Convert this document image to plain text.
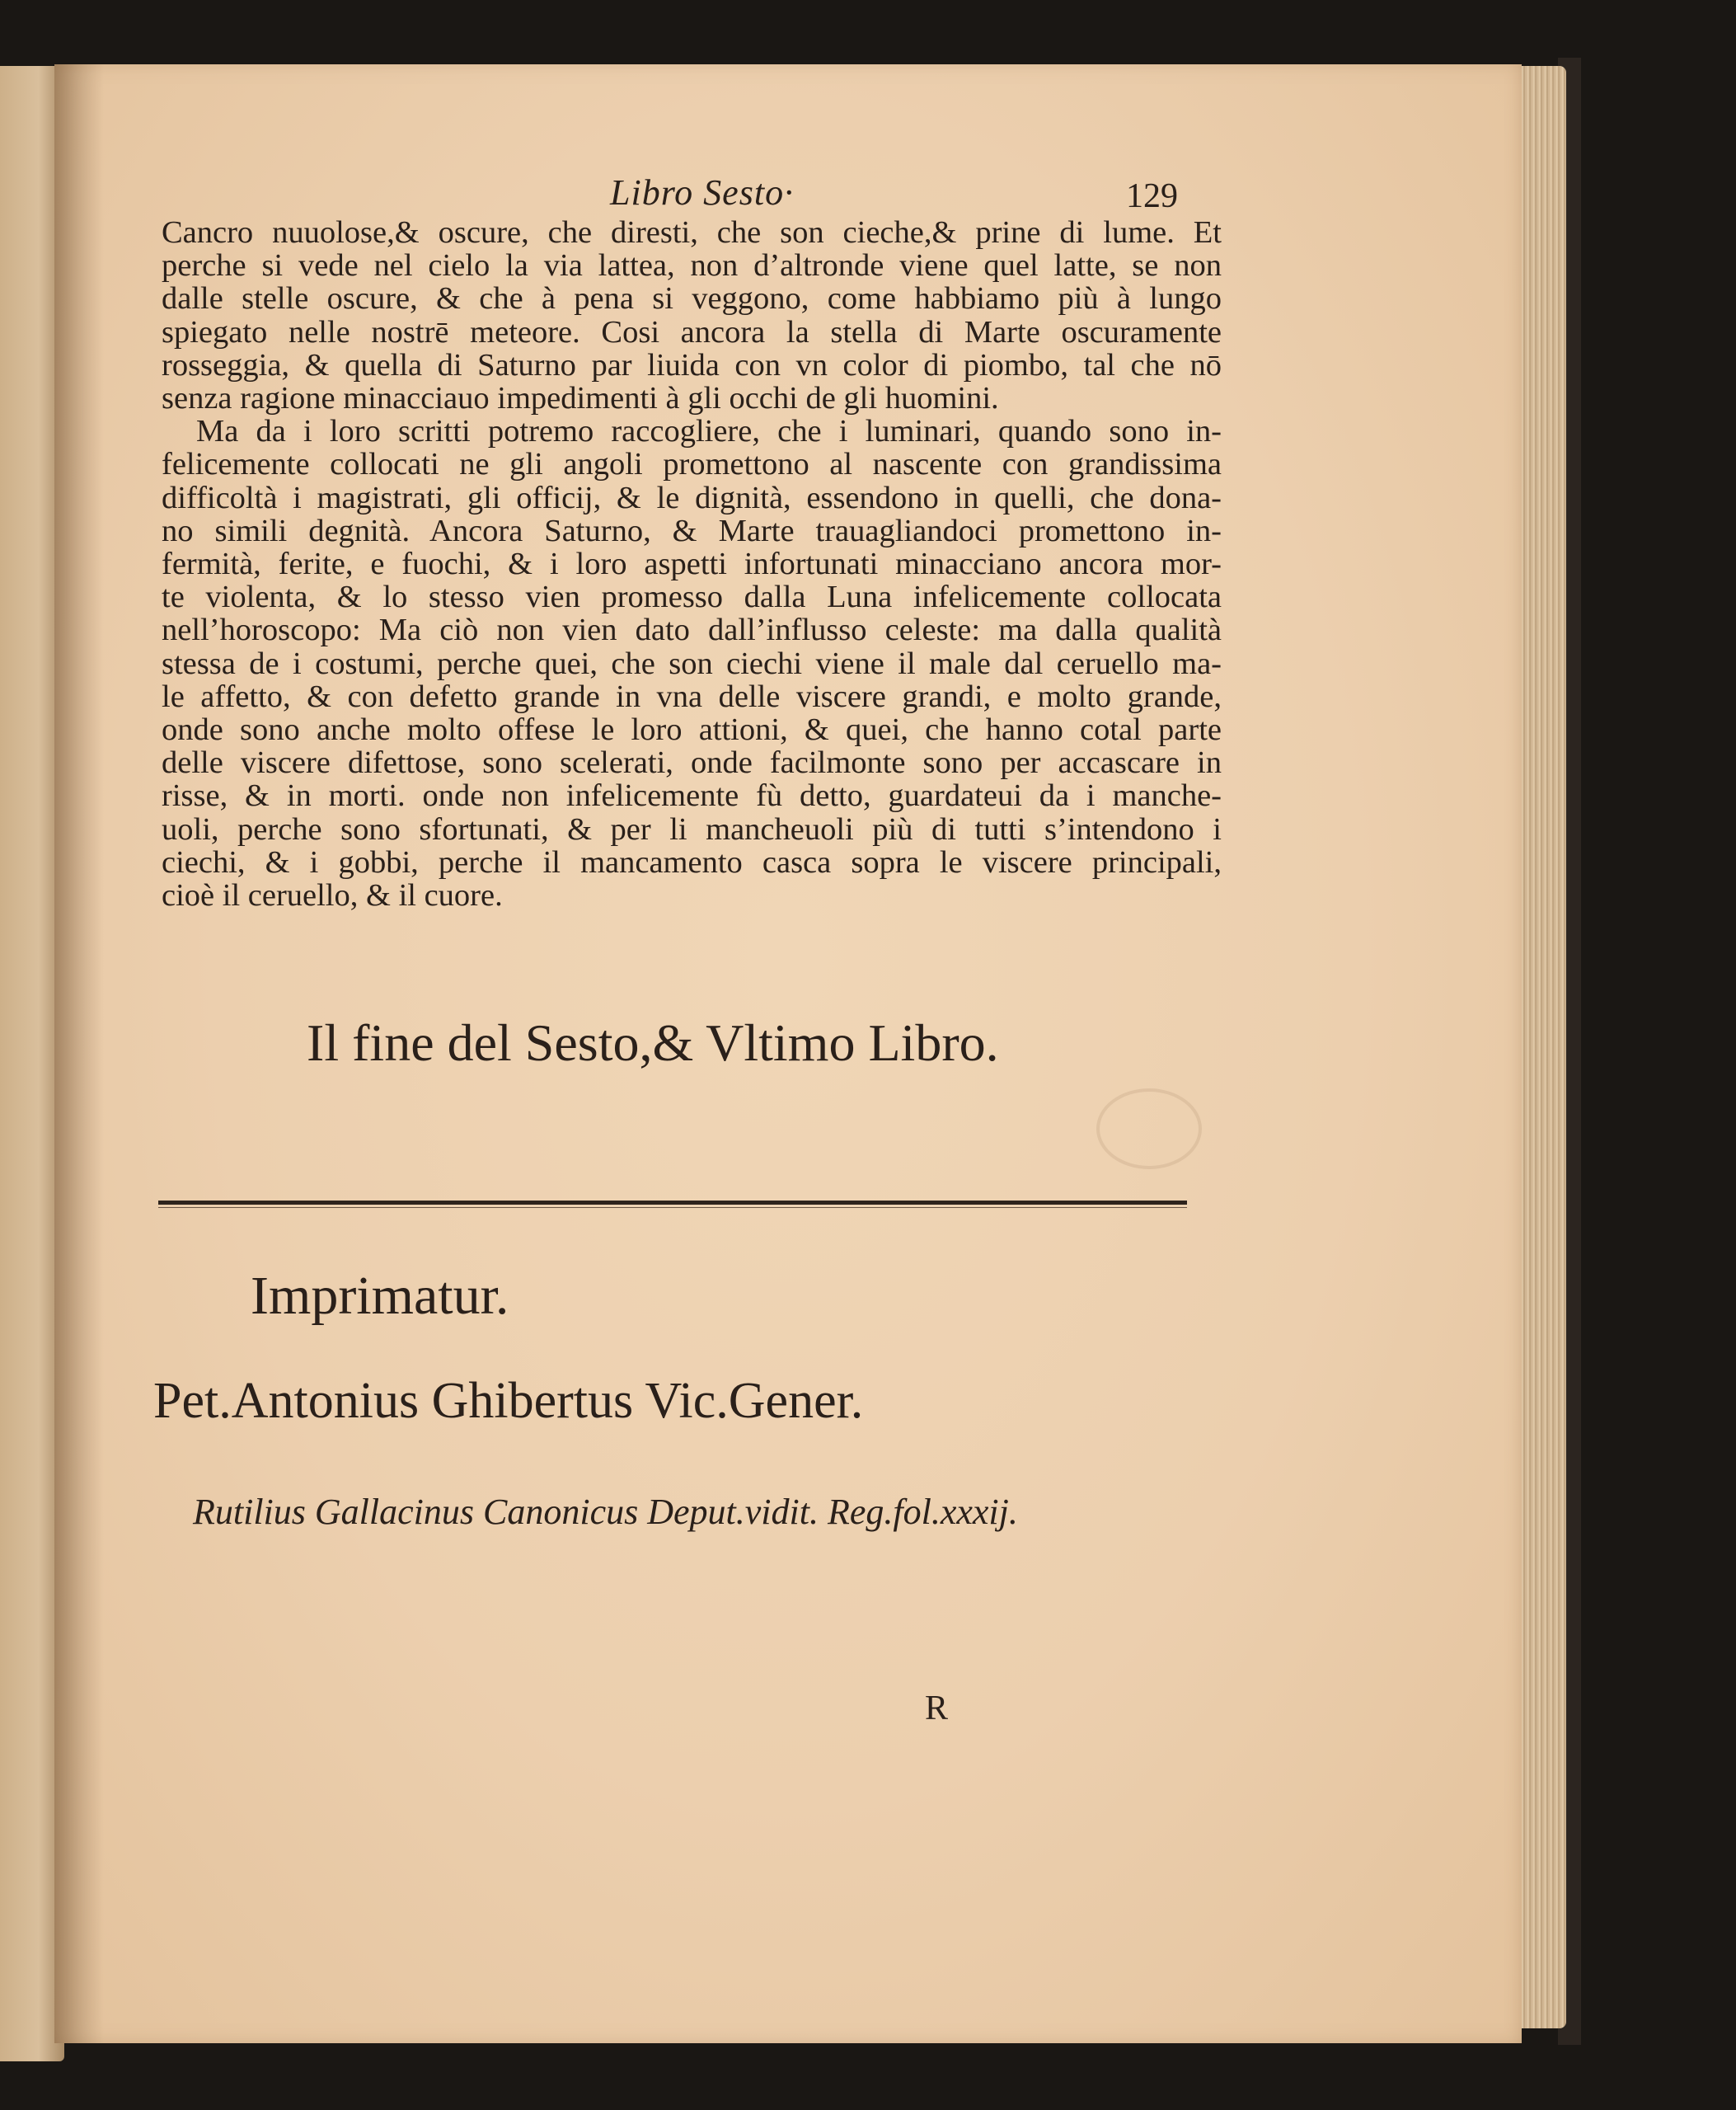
Libro Sesto·	129
Cancro nuuolose,& oscure, che diresti, che son cieche,& prine di lume. Et
perche si vede nel cielo la via lattea, non d’altronde viene quel latte, se non
dalle stelle oscure, & che à pena si veggono, come habbiamo più à lungo
spiegato nelle nostrē meteore. Cosi ancora la stella di Marte oscuramente
rosseggia, & quella di Saturno par liuida con vn color di piombo, tal che nō
senza ragione minacciauo impedimenti à gli occhi de gli huomini.
Ma da i loro scritti potremo raccogliere, che i luminari, quando sono in-
felicemente collocati ne gli angoli promettono al nascente con grandissima
difficoltà i magistrati, gli officij, & le dignità, essendono in quelli, che dona-
no simili degnità. Ancora Saturno, & Marte trauagliandoci promettono in-
fermità, ferite, e fuochi, & i loro aspetti infortunati minacciano ancora mor-
te violenta, & lo stesso vien promesso dalla Luna infelicemente collocata
nell’horoscopo: Ma ciò non vien dato dall’influsso celeste: ma dalla qualità
stessa de i costumi, perche quei, che son ciechi viene il male dal ceruello ma-
le affetto, & con defetto grande in vna delle viscere grandi, e molto grande,
onde sono anche molto offese le loro attioni, & quei, che hanno cotal parte
delle viscere difettose, sono scelerati, onde facilmonte sono per accascare in
risse, & in morti. onde non infelicemente fù detto, guardateui da i manche-
uoli, perche sono sfortunati, & per li mancheuoli più di tutti s’intendono i
ciechi, & i gobbi, perche il mancamento casca sopra le viscere principali,
cioè il ceruello, & il cuore.
Il fine del Sesto,& Vltimo Libro.
Imprimatur.
Pet.Antonius Ghibertus Vic.Gener.
Rutilius Gallacinus Canonicus Deput.vidit. Reg.fol.xxxij.
R
